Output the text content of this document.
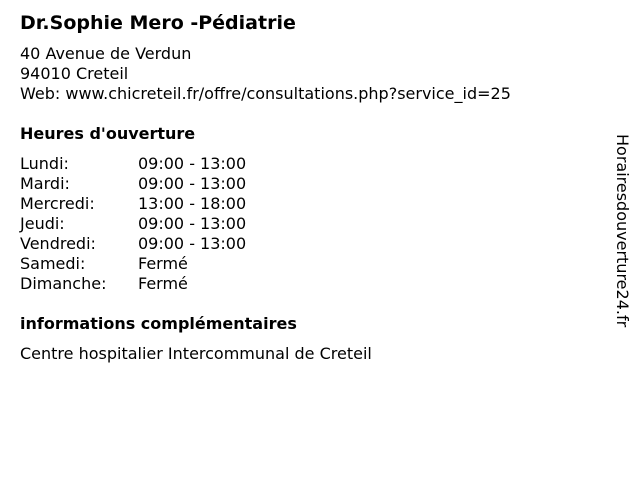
Dr.Sophie Mero -Pédiatrie
40 Avenue de Verdun
94010 Creteil
Web: www.chicreteil.fr/offre/consultations.php?service_id=25
Heures d'ouverture
Lundi:	09:00 - 13:00
Mardi:	09:00 - 13:00
Mercredi:	13:00 - 18:00
Jeudi:	09:00 - 13:00
Vendredi:	09:00 - 13:00
Samedi:	Fermé
Dimanche:	Fermé
informations complémentaires
Centre hospitalier Intercommunal de Creteil
Horairesdouverture24.fr
